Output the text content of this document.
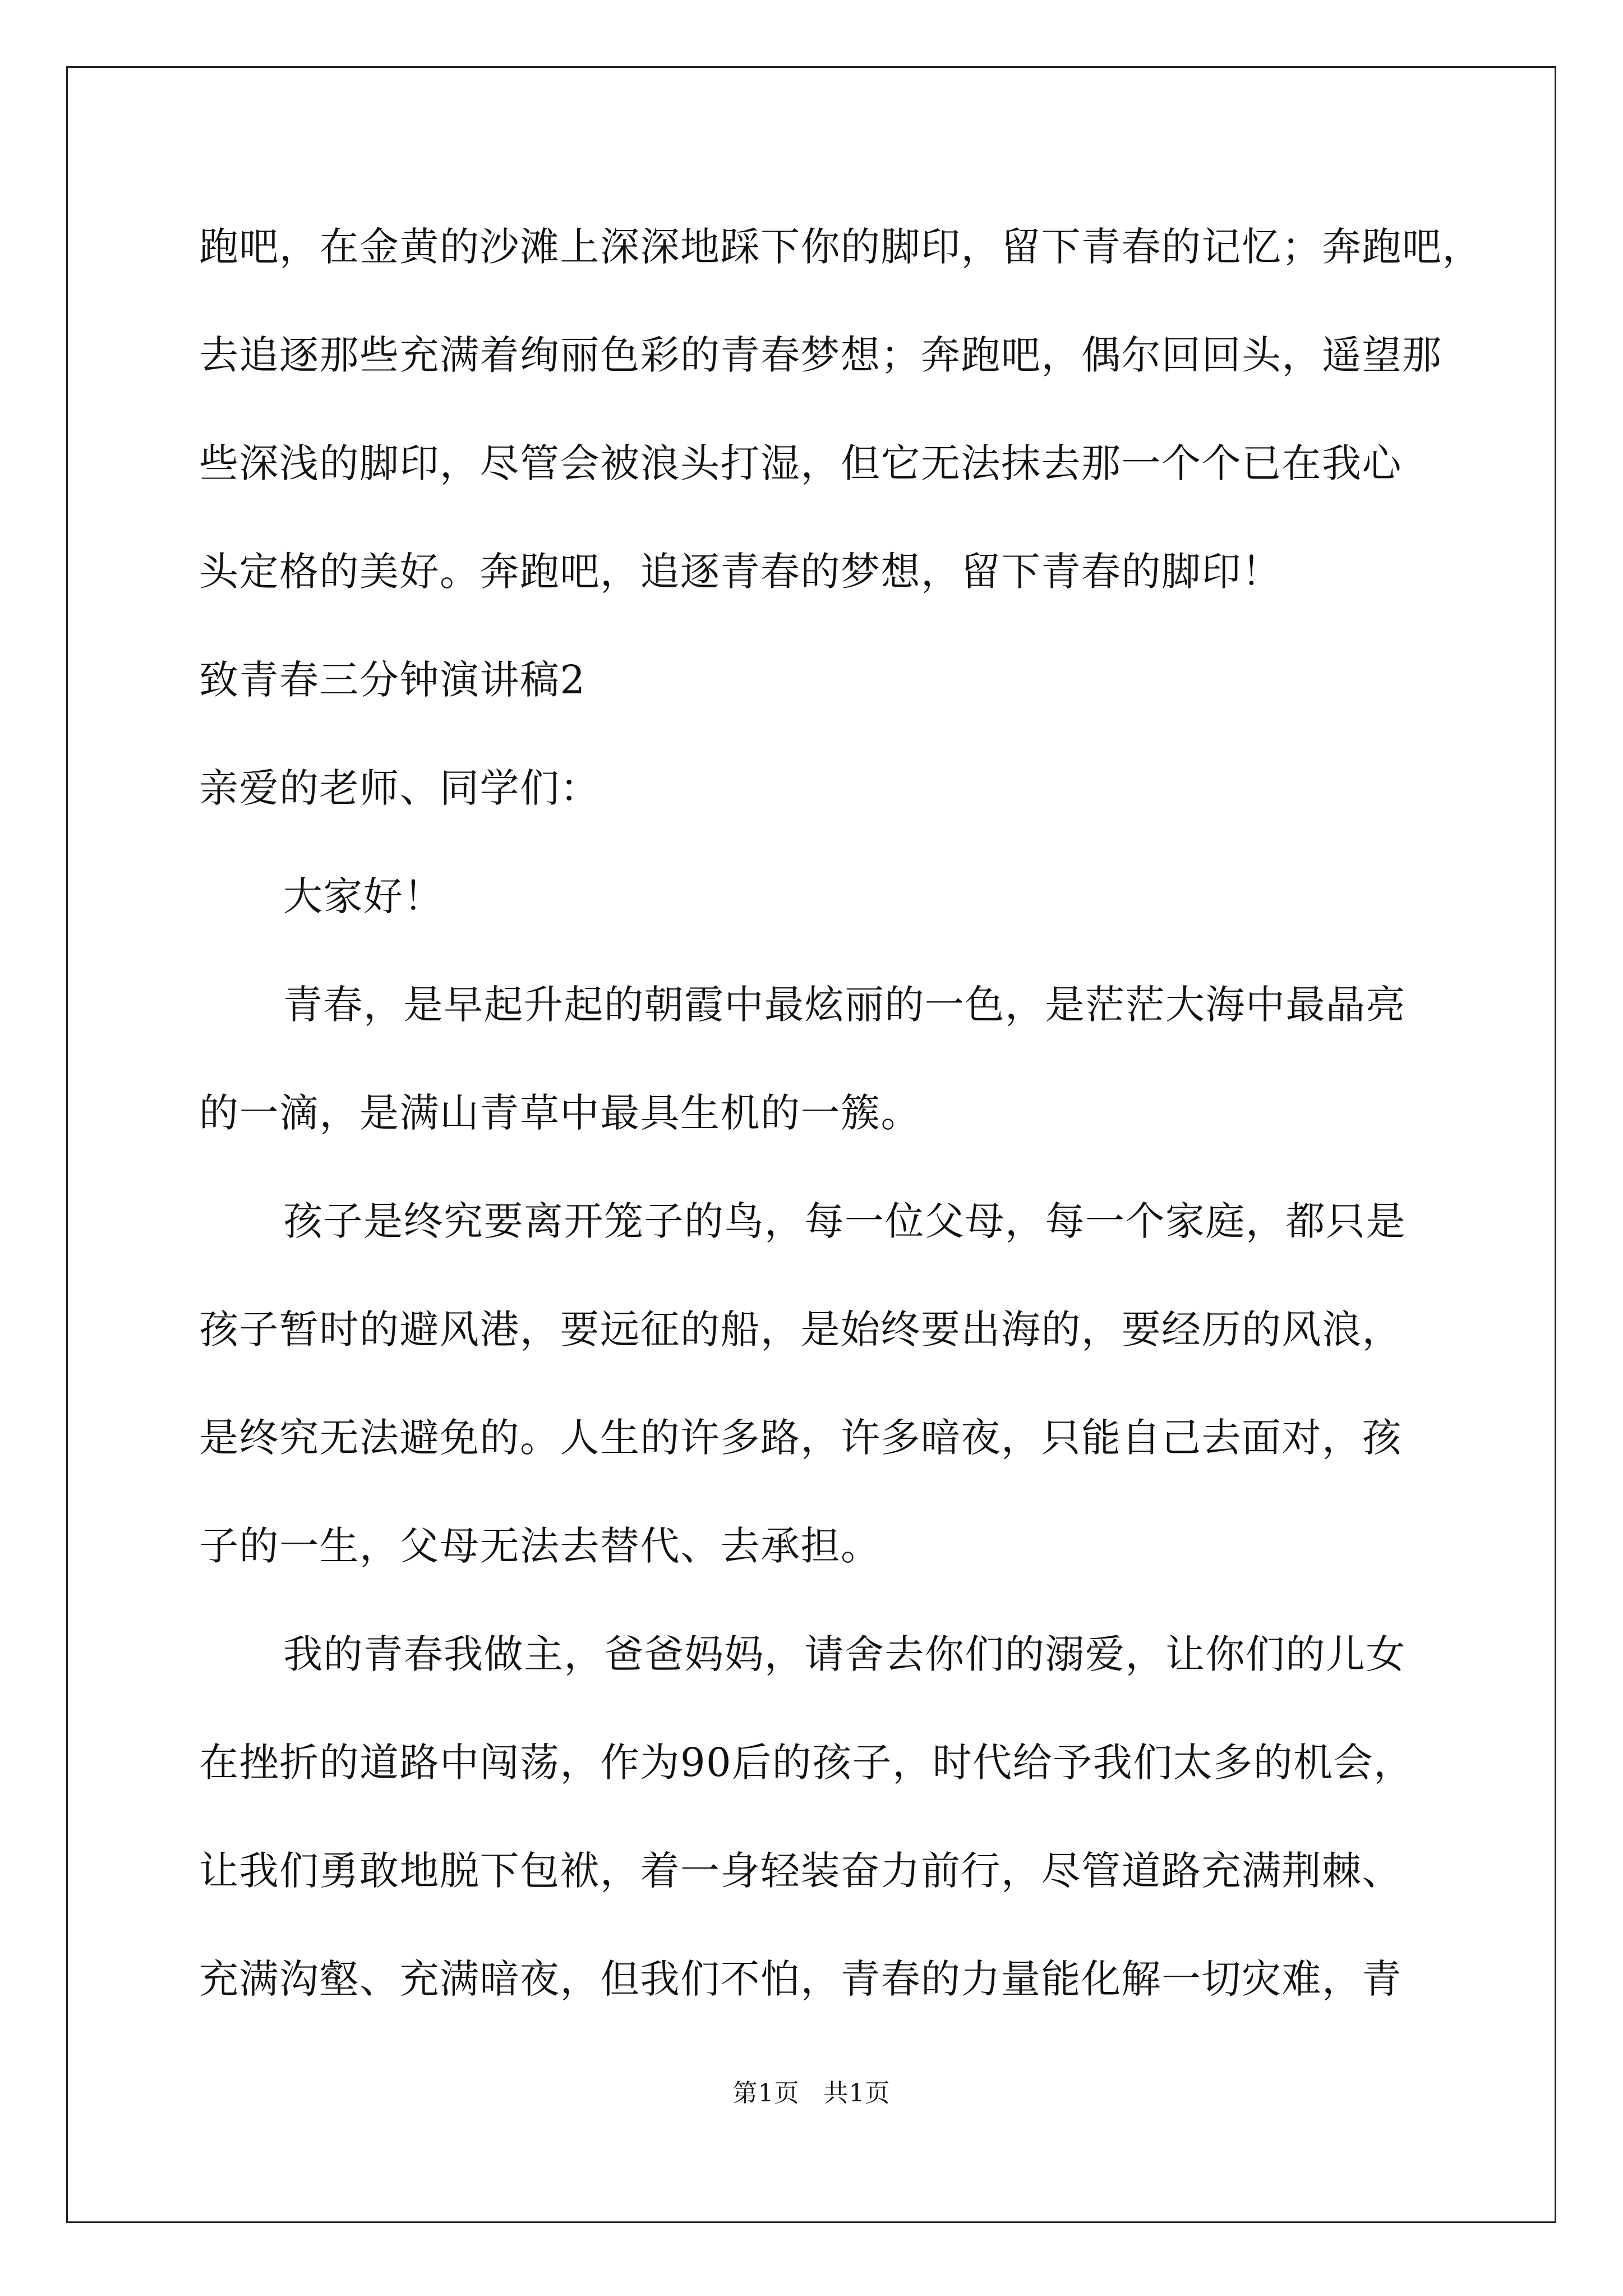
跑吧，在金黄的沙滩上深深地踩下你的脚印，留下青春的记忆；奔跑吧，
去追逐那些充满着绚丽色彩的青春梦想；奔跑吧，偶尔回回头，遥望那
些深浅的脚印，尽管会被浪头打湿，但它无法抹去那一个个已在我心
头定格的美好。奔跑吧，追逐青春的梦想，留下青春的脚印！
致青春三分钟演讲稿2
亲爱的老师、同学们：
大家好！
青春，是早起升起的朝霞中最炫丽的一色，是茫茫大海中最晶亮
的一滴，是满山青草中最具生机的一簇。
孩子是终究要离开笼子的鸟，每一位父母，每一个家庭，都只是
孩子暂时的避风港，要远征的船，是始终要出海的，要经历的风浪，
是终究无法避免的。人生的许多路，许多暗夜，只能自己去面对，孩
子的一生，父母无法去替代、去承担。
我的青春我做主，爸爸妈妈，请舍去你们的溺爱，让你们的儿女
在挫折的道路中闯荡，作为90后的孩子，时代给予我们太多的机会，
让我们勇敢地脱下包袱，着一身轻装奋力前行，尽管道路充满荆棘、
充满沟壑、充满暗夜，但我们不怕，青春的力量能化解一切灾难，青
第1页 共1页
